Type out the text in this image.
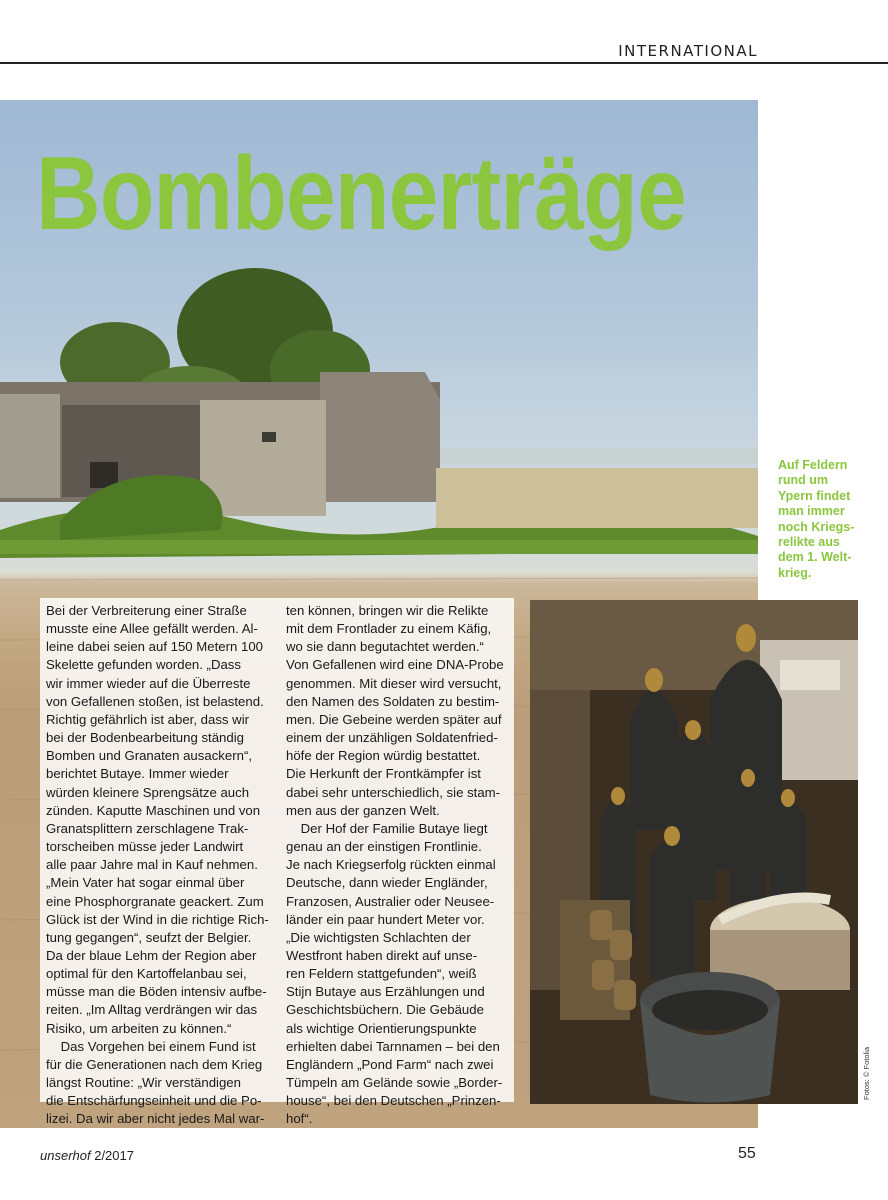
INTERNATIONAL
Bombenerträge
Auf Feldern
rund um
Ypern findet
man immer
noch Kriegs-
relikte aus
dem 1. Welt-
krieg.
Bei der Verbreiterung einer Straße
musste eine Allee gefällt werden. Al-
leine dabei seien auf 150 Metern 100
Skelette gefunden worden. „Dass
wir immer wieder auf die Überreste
von Gefallenen stoßen, ist belastend.
Richtig gefährlich ist aber, dass wir
bei der Bodenbearbeitung ständig
Bomben und Granaten ausackern“,
berichtet Butaye. Immer wieder
würden kleinere Sprengsätze auch
zünden. Kaputte Maschinen und von
Granatsplittern zerschlagene Trak-
torscheiben müsse jeder Landwirt
alle paar Jahre mal in Kauf nehmen.
„Mein Vater hat sogar einmal über
eine Phosphorgranate geackert. Zum
Glück ist der Wind in die richtige Rich-
tung gegangen“, seufzt der Belgier.
Da der blaue Lehm der Region aber
optimal für den Kartoffelanbau sei,
müsse man die Böden intensiv aufbe-
reiten. „Im Alltag verdrängen wir das
Risiko, um arbeiten zu können.“
Das Vorgehen bei einem Fund ist
für die Generationen nach dem Krieg
längst Routine: „Wir verständigen
die Entschärfungseinheit und die Po-
lizei. Da wir aber nicht jedes Mal war-
ten können, bringen wir die Relikte
mit dem Frontlader zu einem Käfig,
wo sie dann begutachtet werden.“
Von Gefallenen wird eine DNA-Probe
genommen. Mit dieser wird versucht,
den Namen des Soldaten zu bestim-
men. Die Gebeine werden später auf
einem der unzähligen Soldatenfried-
höfe der Region würdig bestattet.
Die Herkunft der Frontkämpfer ist
dabei sehr unterschiedlich, sie stam-
men aus der ganzen Welt.
Der Hof der Familie Butaye liegt
genau an der einstigen Frontlinie.
Je nach Kriegserfolg rückten einmal
Deutsche, dann wieder Engländer,
Franzosen, Australier oder Neusee-
länder ein paar hundert Meter vor.
„Die wichtigsten Schlachten der
Westfront haben direkt auf unse-
ren Feldern stattgefunden“, weiß
Stijn Butaye aus Erzählungen und
Geschichtsbüchern. Die Gebäude
als wichtige Orientierungspunkte
erhielten dabei Tarnnamen – bei den
Engländern „Pond Farm“ nach zwei
Tümpeln am Gelände sowie „Border-
house“, bei den Deutschen „Prinzen-
hof“.
Fotos: © Fotolia
unserhof 2/2017	55
